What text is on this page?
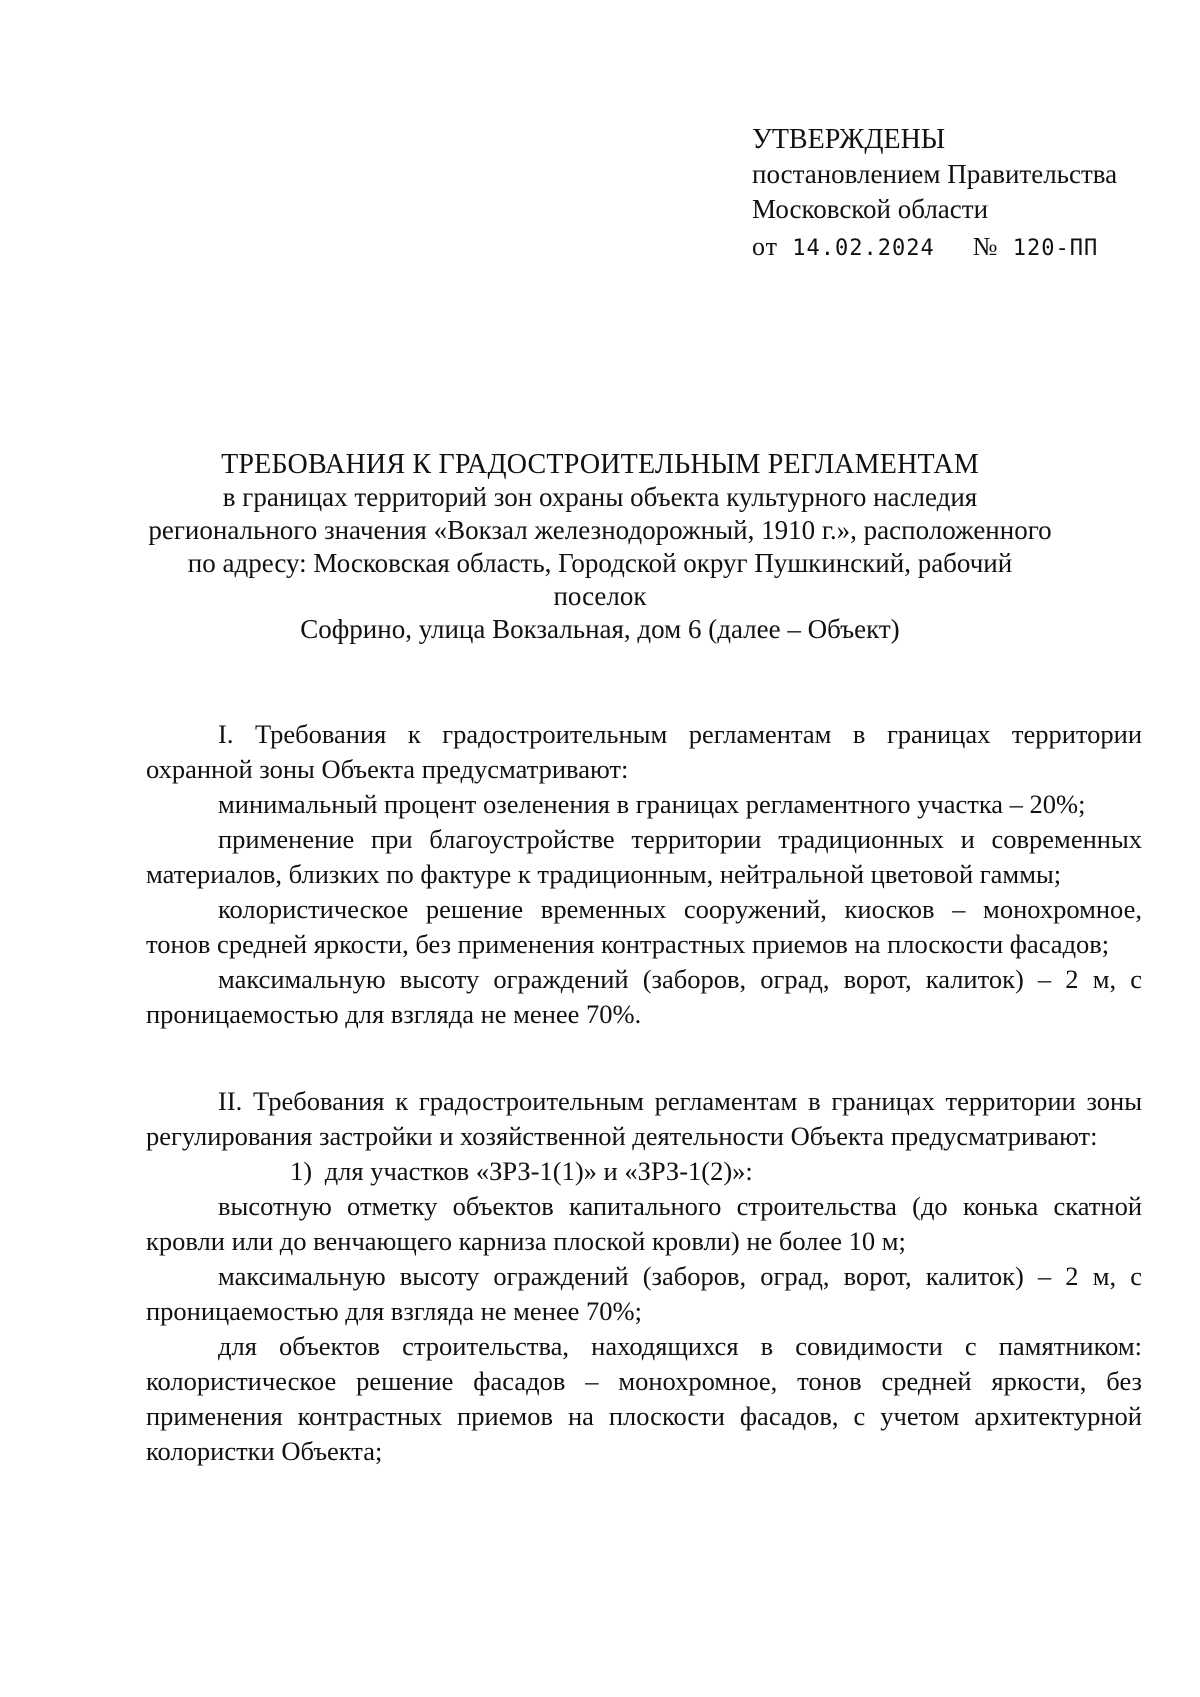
УТВЕРЖДЕНЫ
постановлением Правительства
Московской области
от 14.02.2024 № 120-ПП
ТРЕБОВАНИЯ К ГРАДОСТРОИТЕЛЬНЫМ РЕГЛАМЕНТАМ
в границах территорий зон охраны объекта культурного наследия
регионального значения «Вокзал железнодорожный, 1910 г.», расположенного
по адресу: Московская область, Городской округ Пушкинский, рабочий поселок
Софрино, улица Вокзальная, дом 6 (далее – Объект)

I. Требования к градостроительным регламентам в границах территории охранной зоны Объекта предусматривают:

минимальный процент озеленения в границах регламентного участка – 20%;

применение при благоустройстве территории традиционных и современных материалов, близких по фактуре к традиционным, нейтральной цветовой гаммы;

колористическое решение временных сооружений, киосков – монохромное, тонов средней яркости, без применения контрастных приемов на плоскости фасадов;

максимальную высоту ограждений (заборов, оград, ворот, калиток) – 2 м, с проницаемостью для взгляда не менее 70%.

II. Требования к градостроительным регламентам в границах территории зоны регулирования застройки и хозяйственной деятельности Объекта предусматривают:

1) для участков «ЗРЗ-1(1)» и «ЗРЗ-1(2)»:

высотную отметку объектов капитального строительства (до конька скатной кровли или до венчающего карниза плоской кровли) не более 10 м;

максимальную высоту ограждений (заборов, оград, ворот, калиток) – 2 м, с проницаемостью для взгляда не менее 70%;

для объектов строительства, находящихся в совидимости с памятником: колористическое решение фасадов – монохромное, тонов средней яркости, без применения контрастных приемов на плоскости фасадов, с учетом архитектурной колористки Объекта;
